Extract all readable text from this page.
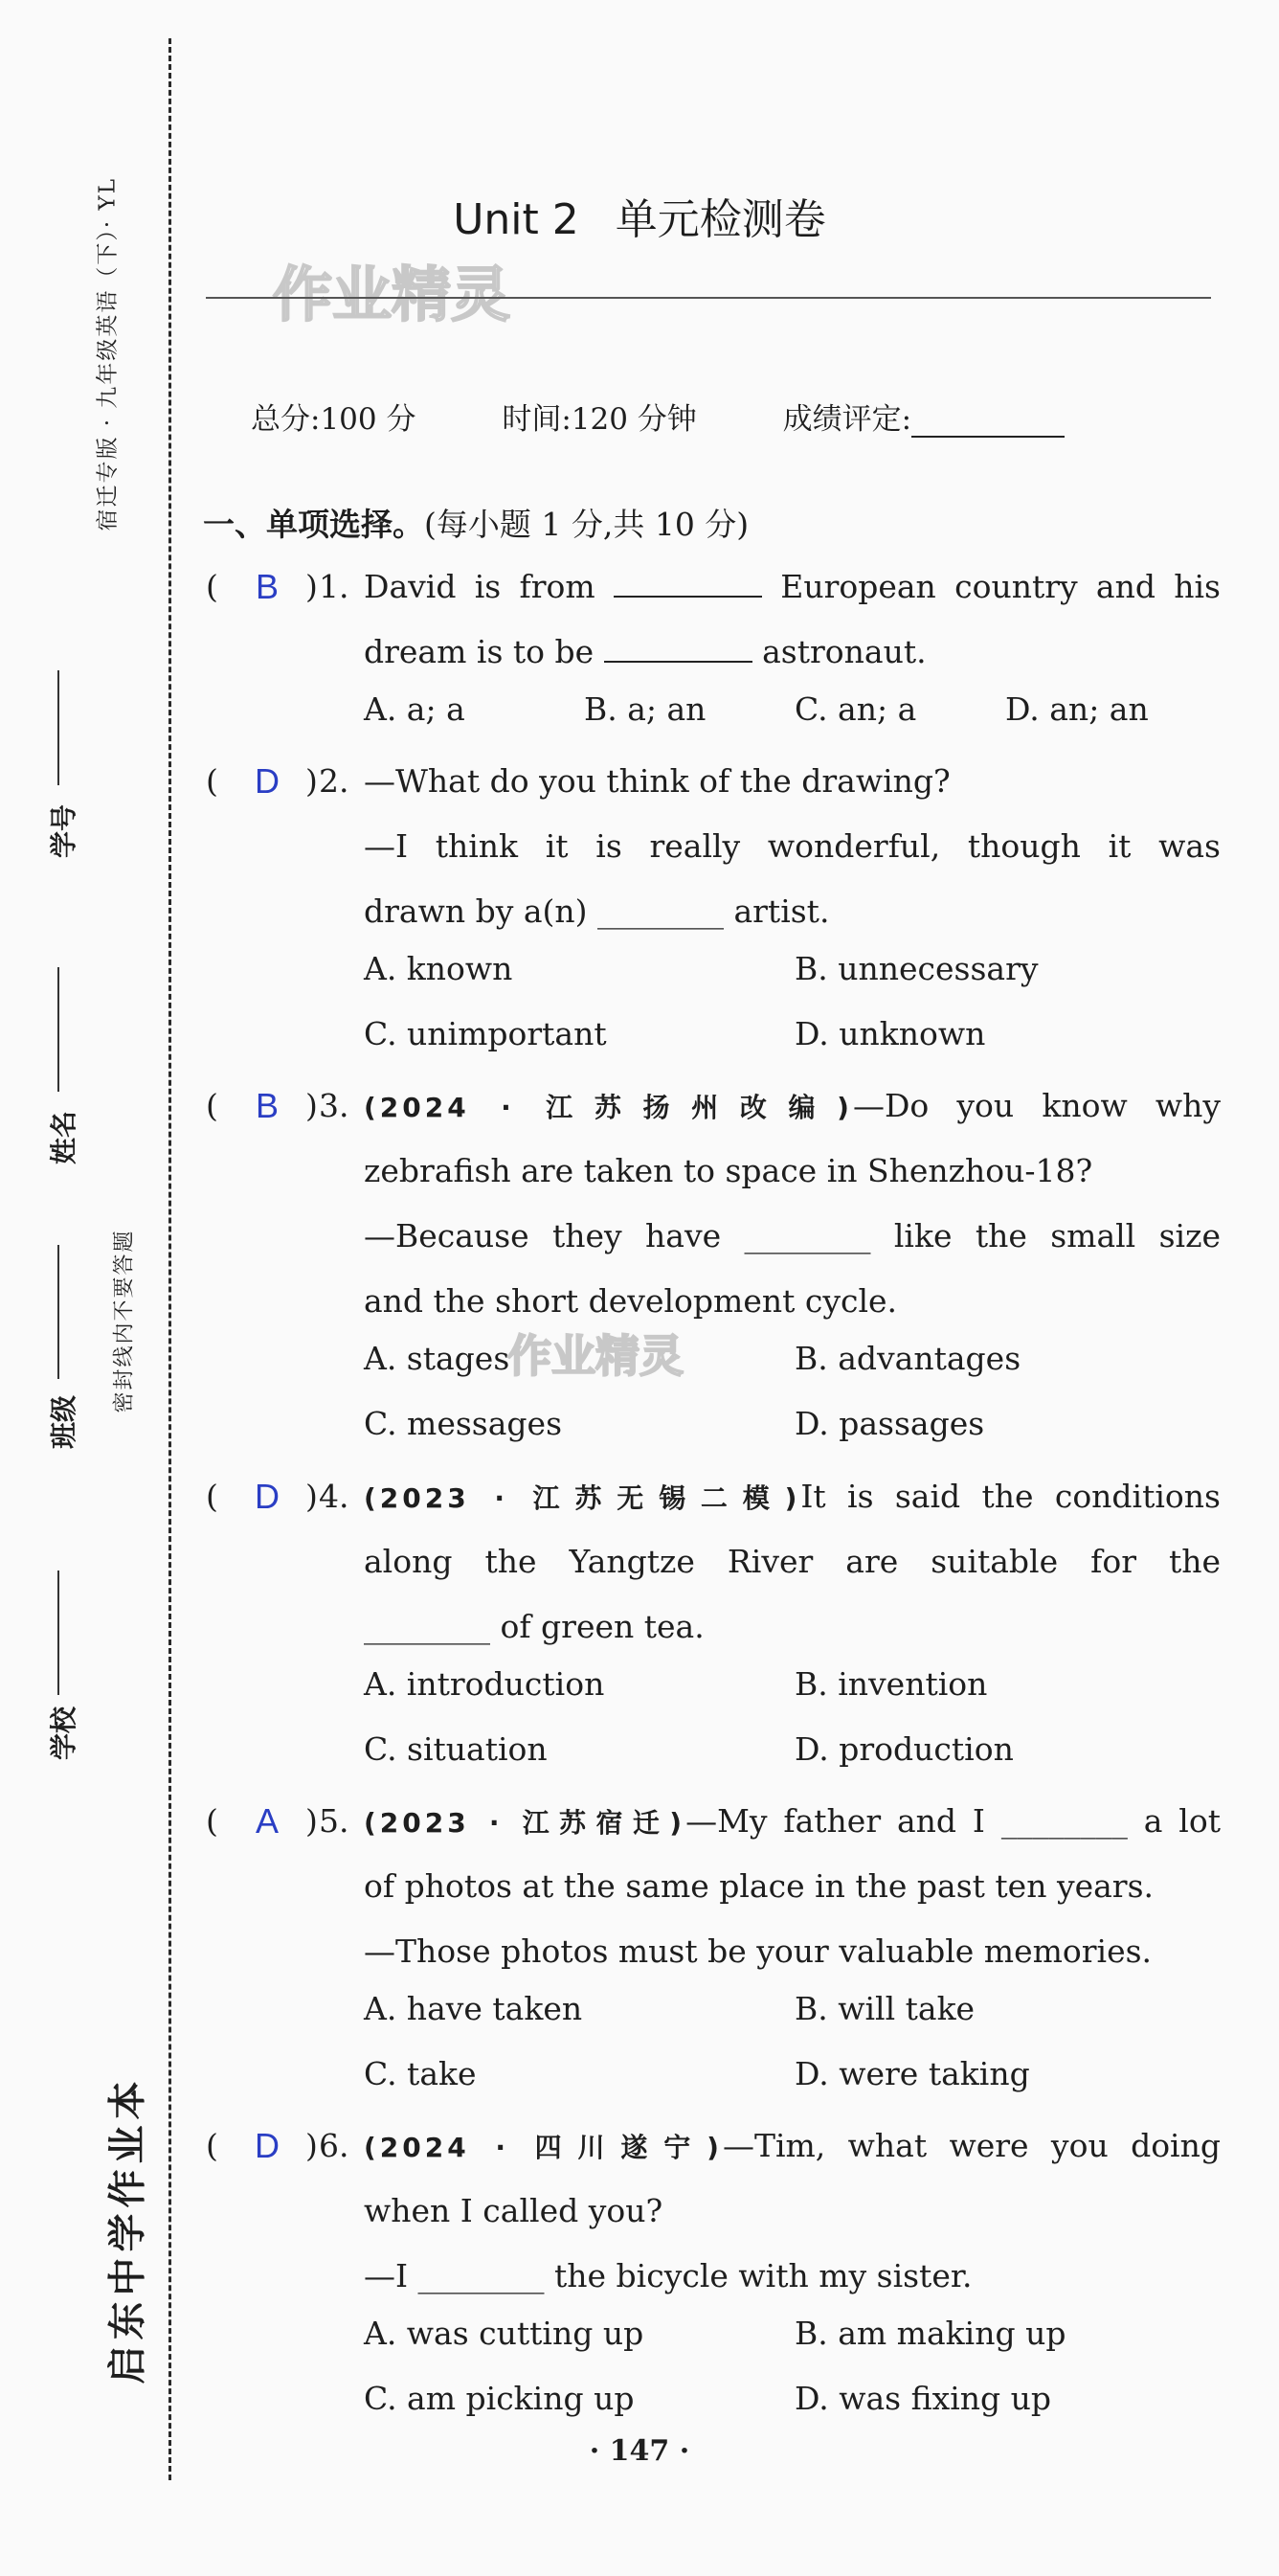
宿迁专版 · 九年级英语（下）· YL
学号
姓名
班级
密封线内不要答题
学校
启东中学作业本
Unit 2 单元检测卷
作业精灵
总分:100 分	时间:120 分钟	成绩评定:
一、单项选择。(每小题 1 分,共 10 分)
( B ) 1. David is from	European country and his
dream is to be	astronaut.
A. a; a	B. a; an	C. an; a	D. an; an
( D ) 2. —What do you think of the drawing?
—I think it is really wonderful, though it was
drawn by a(n) ________ artist.
A. known	B. unnecessary
C. unimportant	D. unknown
( B ) 3. (2024 · 江苏扬州改编)—Do you know why
zebrafish are taken to space in Shenzhou-18?
—Because they have ________ like the small size
and the short development cycle.
A. stages	B. advantages
C. messages	D. passages
作业精灵
( D ) 4. (2023 · 江苏无锡二模)It is said the conditions
along the Yangtze River are suitable for the
________ of green tea.
A. introduction	B. invention
C. situation	D. production
( A ) 5. (2023 · 江苏宿迁)—My father and I ________ a lot
of photos at the same place in the past ten years.
—Those photos must be your valuable memories.
A. have taken	B. will take
C. take	D. were taking
( D ) 6. (2024 · 四川遂宁)—Tim, what were you doing
when I called you?
—I ________ the bicycle with my sister.
A. was cutting up	B. am making up
C. am picking up	D. was fixing up
· 147 ·
